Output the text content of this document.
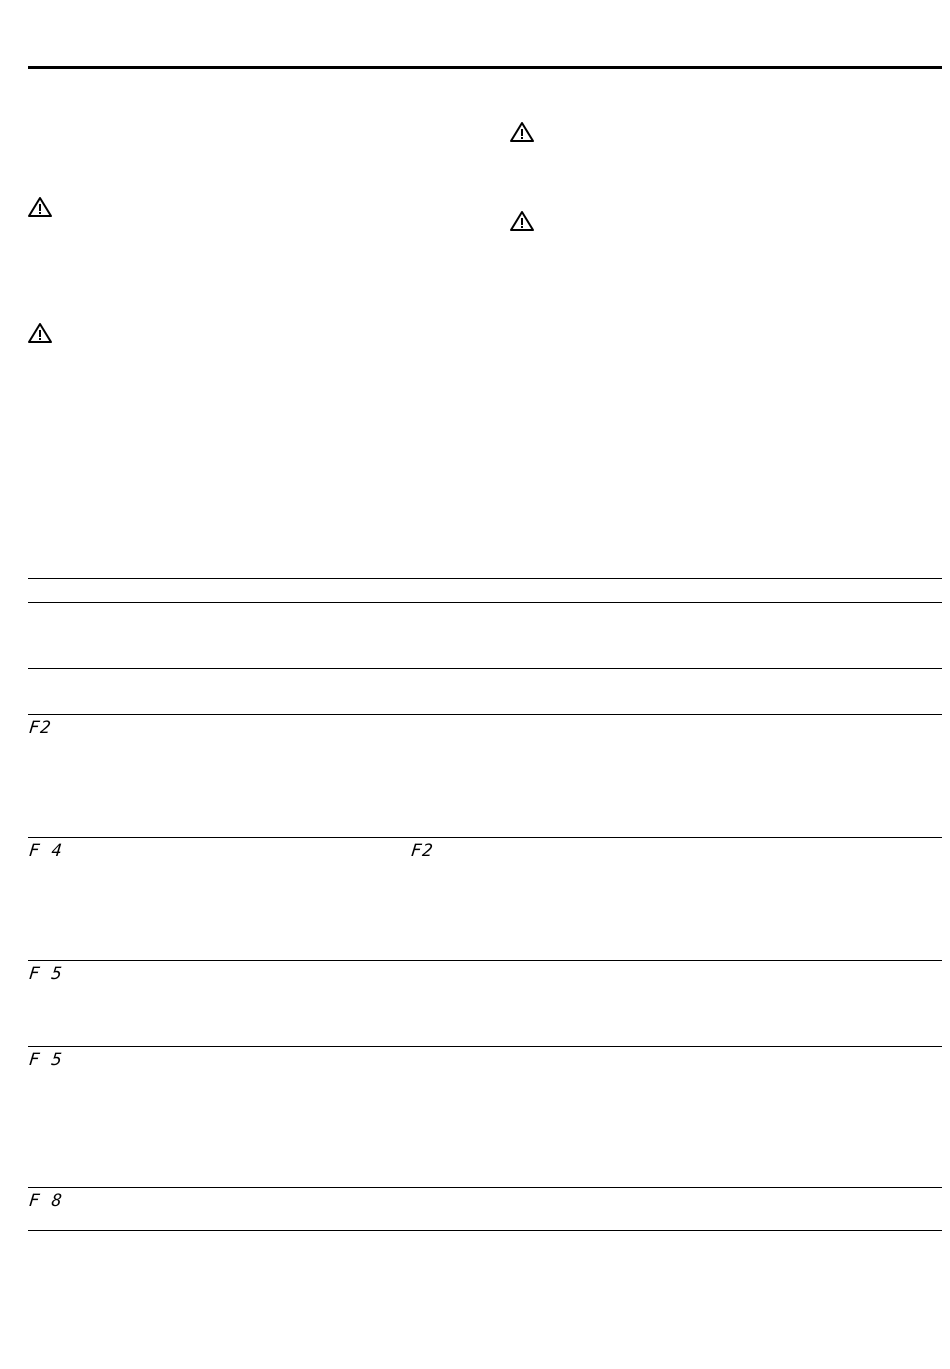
F2
F 4	F2
F 5
F 5
F 8
